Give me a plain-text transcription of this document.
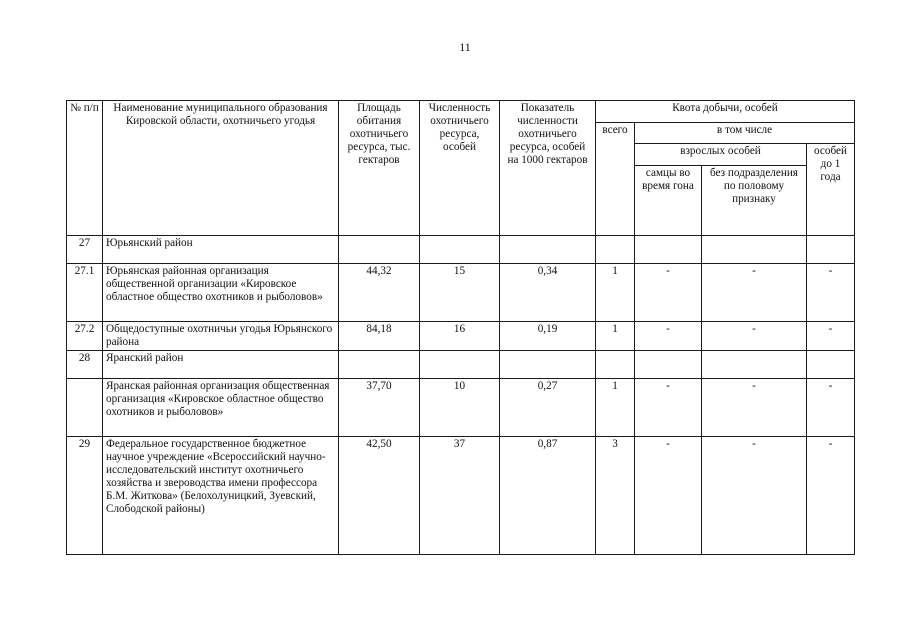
11
№ п/п	Наименование муниципального образования Кировской области, охотничьего угодья	Площадь обитания охотничьего ресурса, тыс. гектаров	Численность охотничьего ресурса, особей	Показатель численности охотничьего ресурса, особей на 1000 гектаров	Квота добычи, особей			
					всего	в том числе		
						взрослых особей		особей до 1 года
						самцы во время гона	без подразделения по половому признаку	
27	Юрьянский район							
27.1	Юрьянская районная организация общественной организации «Кировское областное общество охотников и рыболовов»	44,32	15	0,34	1	-	-	-
27.2	Общедоступные охотничьи угодья Юрьянского района	84,18	16	0,19	1	-	-	-
28	Яранский район							
	Яранская районная организация общественная организация «Кировское областное общество охотников и рыболовов»	37,70	10	0,27	1	-	-	-
29	Федеральное государственное бюджетное научное учреждение «Всероссийский научно-исследовательский институт охотничьего хозяйства и звероводства имени профессора Б.М. Житкова» (Белохолуницкий, Зуевский, Слободской районы)	42,50	37	0,87	3	-	-	-
